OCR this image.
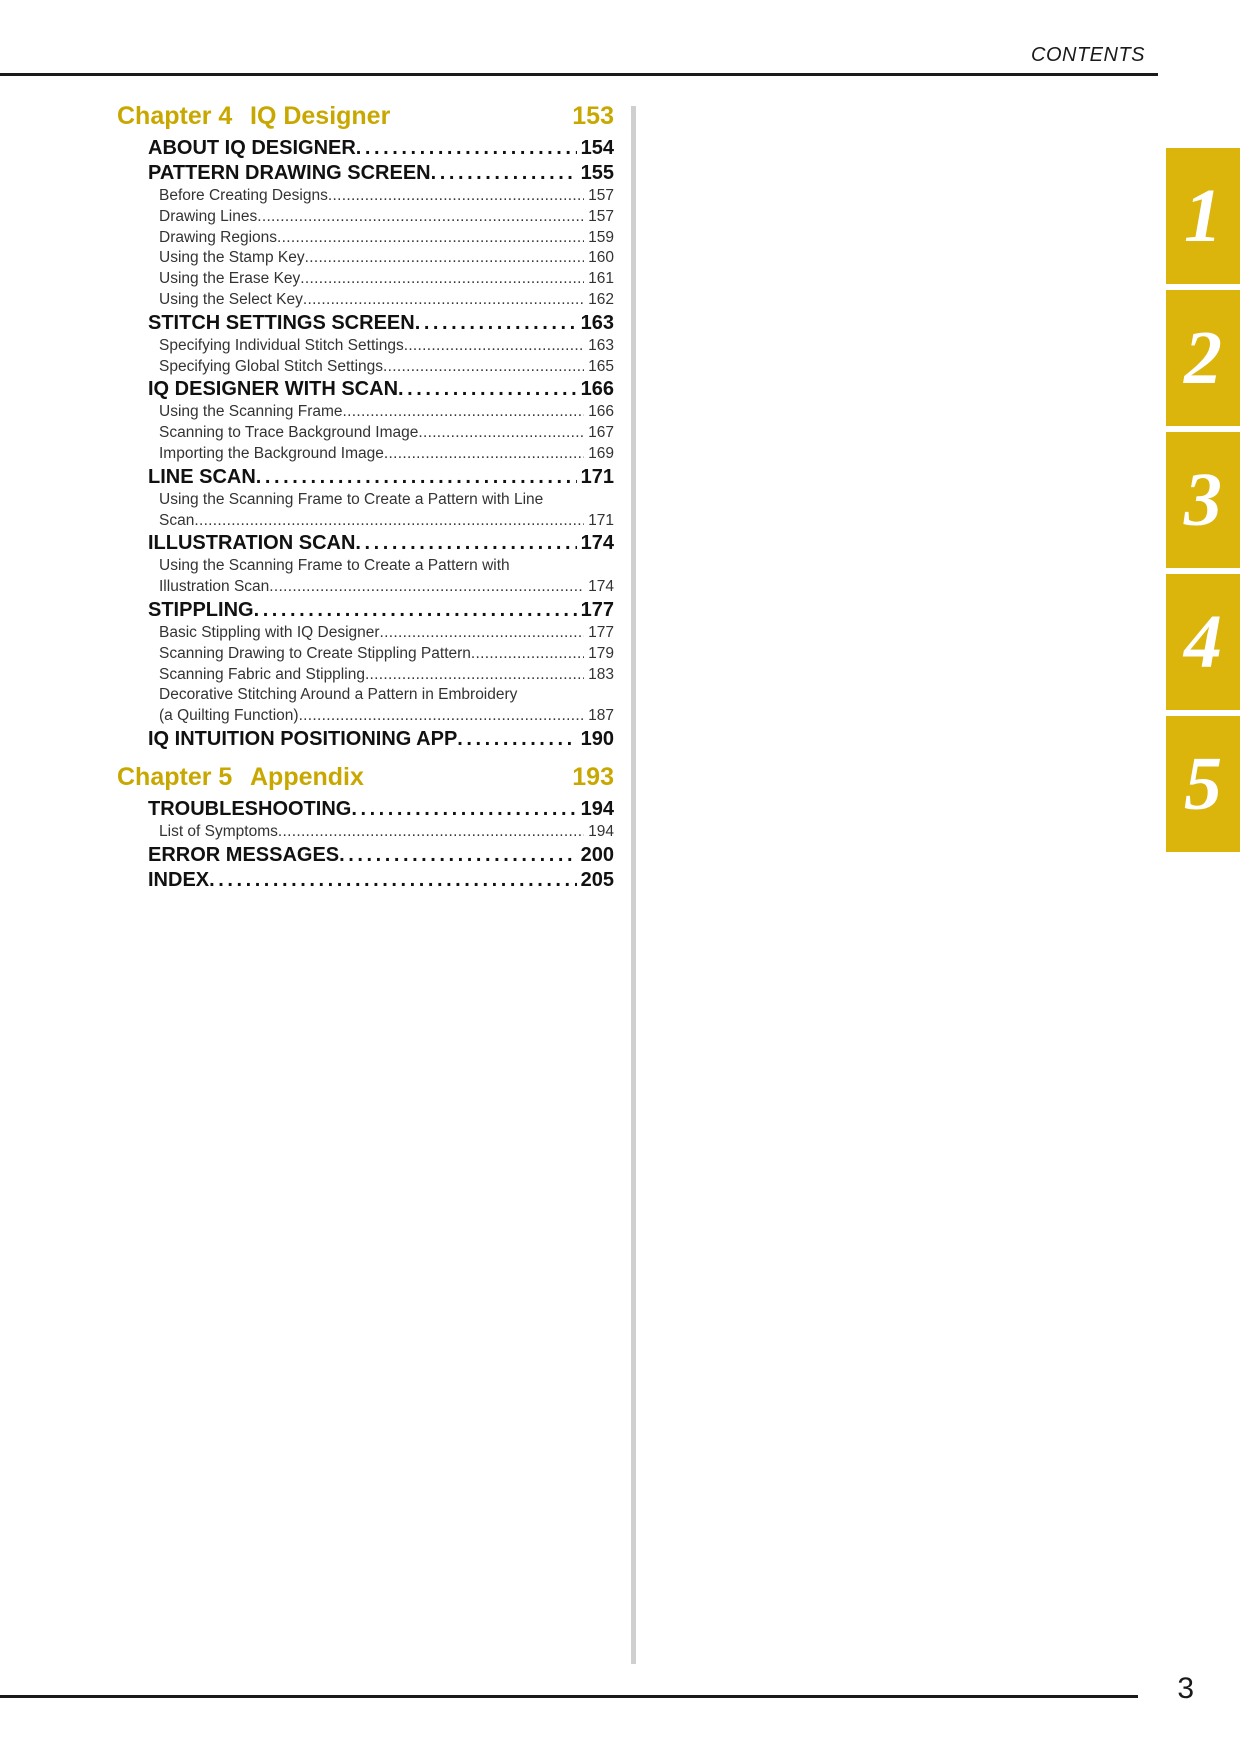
CONTENTS
Chapter 4 IQ Designer	153
ABOUT IQ DESIGNER . . .	154
PATTERN DRAWING SCREEN . . .	155
Before Creating Designs . . .	157
Drawing Lines . . .	157
Drawing Regions . . .	159
Using the Stamp Key . . .	160
Using the Erase Key . . .	161
Using the Select Key . . .	162
STITCH SETTINGS SCREEN . . .	163
Specifying Individual Stitch Settings . . .	163
Specifying Global Stitch Settings . . .	165
IQ DESIGNER WITH SCAN . . .	166
Using the Scanning Frame . . .	166
Scanning to Trace Background Image . . .	167
Importing the Background Image . . .	169
LINE SCAN . . .	171
Using the Scanning Frame to Create a Pattern with Line
Scan . . .	171
ILLUSTRATION SCAN . . .	174
Using the Scanning Frame to Create a Pattern with
Illustration Scan . . .	174
STIPPLING . . .	177
Basic Stippling with IQ Designer . . .	177
Scanning Drawing to Create Stippling Pattern . . .	179
Scanning Fabric and Stippling . . .	183
Decorative Stitching Around a Pattern in Embroidery
(a Quilting Function) . . .	187
IQ INTUITION POSITIONING APP . . .	190
Chapter 5 Appendix	193
TROUBLESHOOTING . . .	194
List of Symptoms . . .	194
ERROR MESSAGES . . .	200
INDEX . . .	205
1
2
3
4
5
3
